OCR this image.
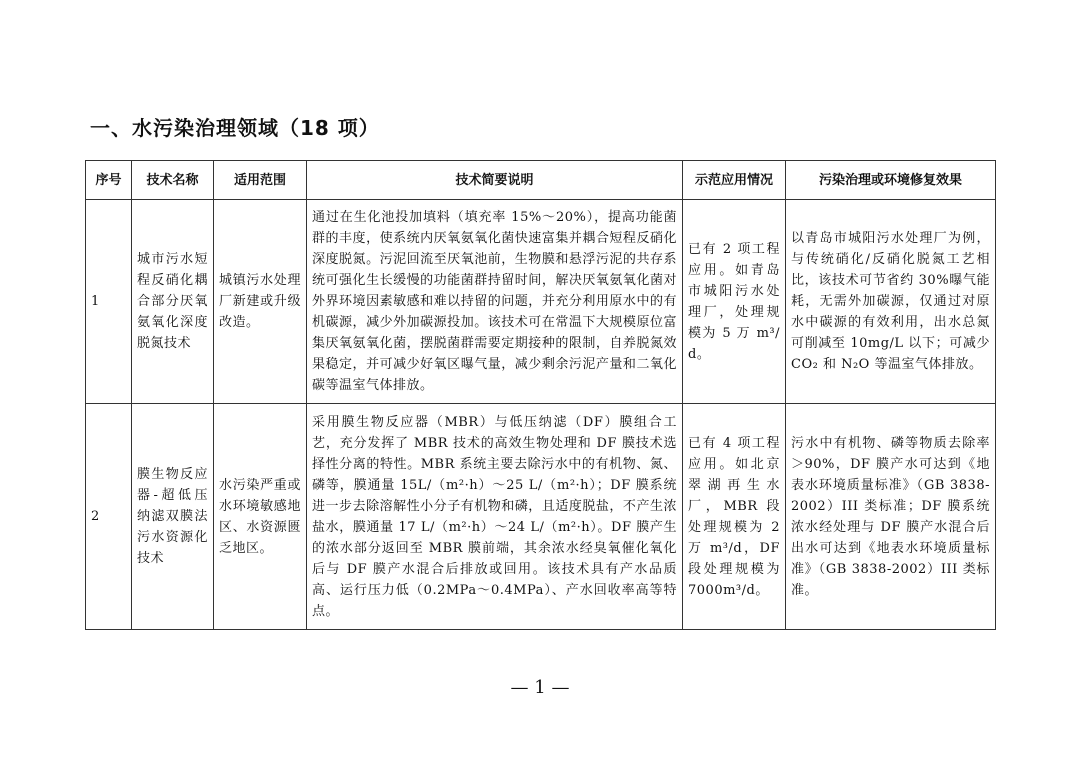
一、水污染治理领域（18 项）
序号	技术名称	适用范围	技术简要说明	示范应用情况	污染治理或环境修复效果
1	城市污水短程反硝化耦合部分厌氧氨氧化深度脱氮技术	城镇污水处理厂新建或升级改造。	通过在生化池投加填料（填充率 15%～20%），提高功能菌群的丰度，使系统内厌氧氨氧化菌快速富集并耦合短程反硝化深度脱氮。污泥回流至厌氧池前，生物膜和悬浮污泥的共存系统可强化生长缓慢的功能菌群持留时间，解决厌氧氨氧化菌对外界环境因素敏感和难以持留的问题，并充分利用原水中的有机碳源，减少外加碳源投加。该技术可在常温下大规模原位富集厌氧氨氧化菌，摆脱菌群需要定期接种的限制，自养脱氮效果稳定，并可减少好氧区曝气量，减少剩余污泥产量和二氧化碳等温室气体排放。	已有 2 项工程应用。如青岛市城阳污水处理厂，处理规模为 5 万 m³/d。	以青岛市城阳污水处理厂为例，与传统硝化/反硝化脱氮工艺相比，该技术可节省约 30%曝气能耗，无需外加碳源，仅通过对原水中碳源的有效利用，出水总氮可削减至 10mg/L 以下；可减少 CO₂ 和 N₂O 等温室气体排放。
2	膜生物反应器-超低压纳滤双膜法污水资源化技术	水污染严重或水环境敏感地区、水资源匮乏地区。	采用膜生物反应器（MBR）与低压纳滤（DF）膜组合工艺，充分发挥了 MBR 技术的高效生物处理和 DF 膜技术选择性分离的特性。MBR 系统主要去除污水中的有机物、氮、磷等，膜通量 15L/（m²·h）～25 L/（m²·h）；DF 膜系统进一步去除溶解性小分子有机物和磷，且适度脱盐，不产生浓盐水，膜通量 17 L/（m²·h）～24 L/（m²·h）。DF 膜产生的浓水部分返回至 MBR 膜前端，其余浓水经臭氧催化氧化后与 DF 膜产水混合后排放或回用。该技术具有产水品质高、运行压力低（0.2MPa～0.4MPa）、产水回收率高等特点。	已有 4 项工程应用。如北京翠湖再生水厂，MBR 段处理规模为 2 万 m³/d，DF 段处理规模为 7000m³/d。	污水中有机物、磷等物质去除率＞90%，DF 膜产水可达到《地表水环境质量标准》（GB 3838-2002）III 类标准；DF 膜系统浓水经处理与 DF 膜产水混合后出水可达到《地表水环境质量标准》（GB 3838-2002）III 类标准。
— 1 —
